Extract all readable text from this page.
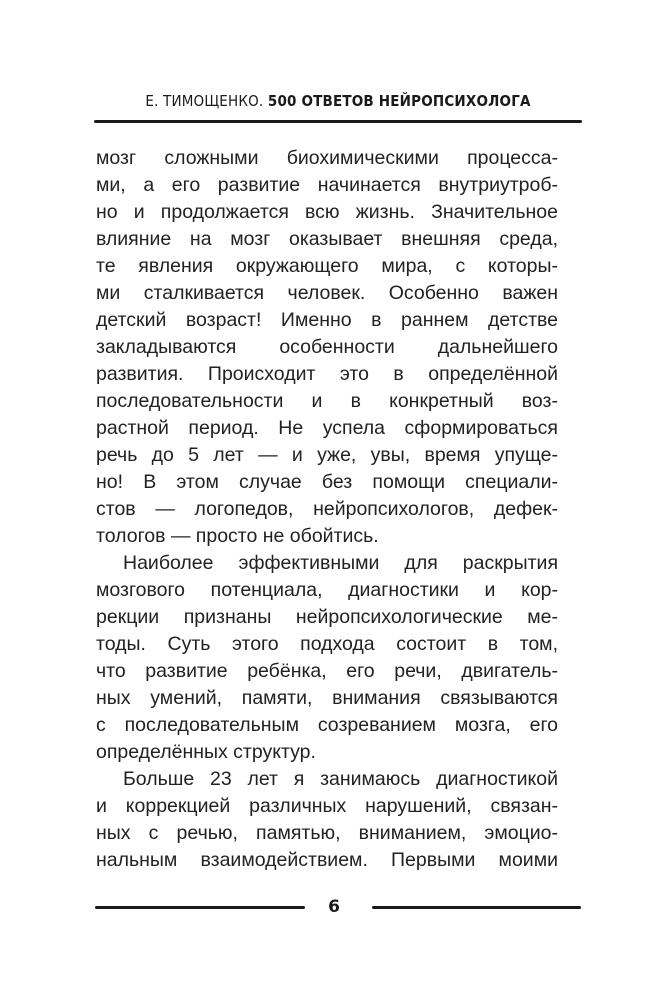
Е. ТИМОЩЕНКО. 500 ОТВЕТОВ НЕЙРОПСИХОЛОГА
мозг сложными биохимическими процесса-
ми, а его развитие начинается внутриутроб-
но и продолжается всю жизнь. Значительное
влияние на мозг оказывает внешняя среда,
те явления окружающего мира, с которы-
ми сталкивается человек. Особенно важен
детский возраст! Именно в раннем детстве
закладываются особенности дальнейшего
развития. Происходит это в определённой
последовательности и в конкретный воз-
растной период. Не успела сформироваться
речь до 5 лет — и уже, увы, время упуще-
но! В этом случае без помощи специали-
стов — логопедов, нейропсихологов, дефек-
тологов — просто не обойтись.
Наиболее эффективными для раскрытия
мозгового потенциала, диагностики и кор-
рекции признаны нейропсихологические ме-
тоды. Суть этого подхода состоит в том,
что развитие ребёнка, его речи, двигатель-
ных умений, памяти, внимания связываются
с последовательным созреванием мозга, его
определённых структур.
Больше 23 лет я занимаюсь диагностикой
и коррекцией различных нарушений, связан-
ных с речью, памятью, вниманием, эмоцио-
нальным взаимодействием. Первыми моими
6
